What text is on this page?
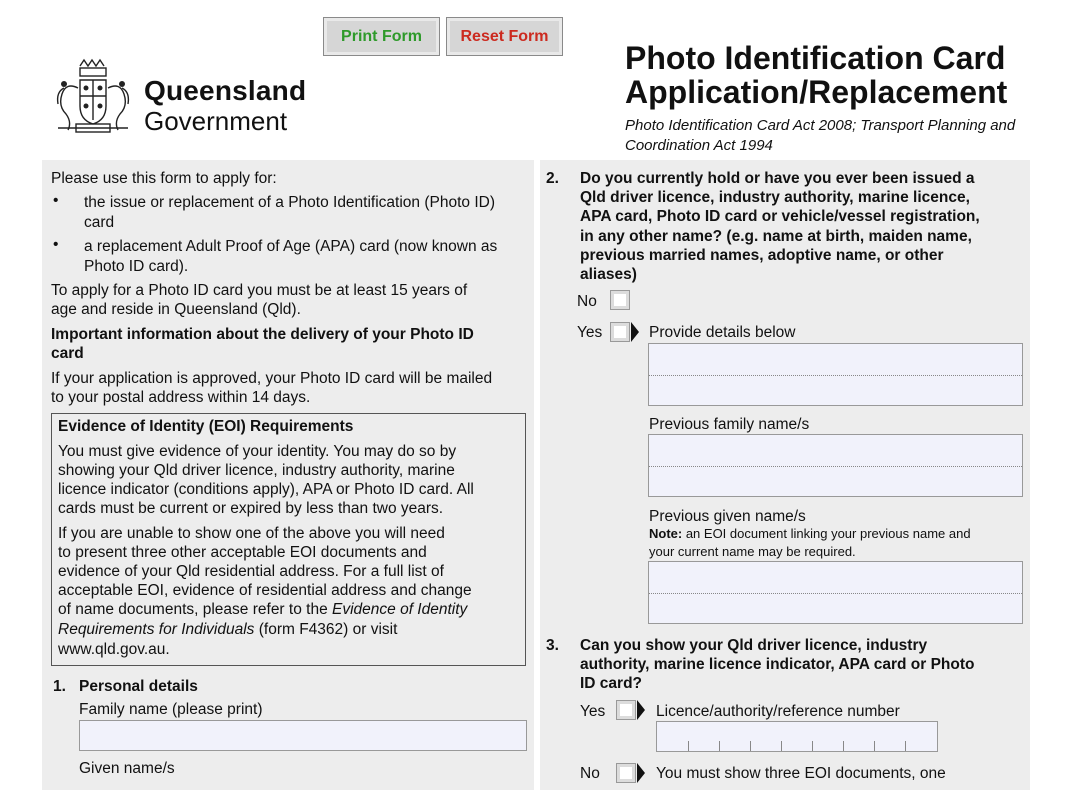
Print Form	Reset Form
Queensland
Government
Photo Identification Card
Application/Replacement
Photo Identification Card Act 2008; Transport Planning and Coordination Act 1994
Please use this form to apply for:
• the issue or replacement of a Photo Identification (Photo ID)
card
• a replacement Adult Proof of Age (APA) card (now known as
Photo ID card).
To apply for a Photo ID card you must be at least 15 years of
age and reside in Queensland (Qld).
Important information about the delivery of your Photo ID
card
If your application is approved, your Photo ID card will be mailed
to your postal address within 14 days.
Evidence of Identity (EOI) Requirements
You must give evidence of your identity. You may do so by
showing your Qld driver licence, industry authority, marine
licence indicator (conditions apply), APA or Photo ID card. All
cards must be current or expired by less than two years.
If you are unable to show one of the above you will need
to present three other acceptable EOI documents and
evidence of your Qld residential address. For a full list of
acceptable EOI, evidence of residential address and change
of name documents, please refer to the Evidence of Identity
Requirements for Individuals (form F4362) or visit
www.qld.gov.au.
1. Personal details
Family name (please print)
Given name/s
2. Do you currently hold or have you ever been issued a
Qld driver licence, industry authority, marine licence,
APA card, Photo ID card or vehicle/vessel registration,
in any other name? (e.g. name at birth, maiden name,
previous married names, adoptive name, or other
aliases)
No
Yes	Provide details below
Previous family name/s
Previous given name/s
Note: an EOI document linking your previous name and
your current name may be required.
3. Can you show your Qld driver licence, industry
authority, marine licence indicator, APA card or Photo
ID card?
Yes	Licence/authority/reference number
No	You must show three EOI documents, one
